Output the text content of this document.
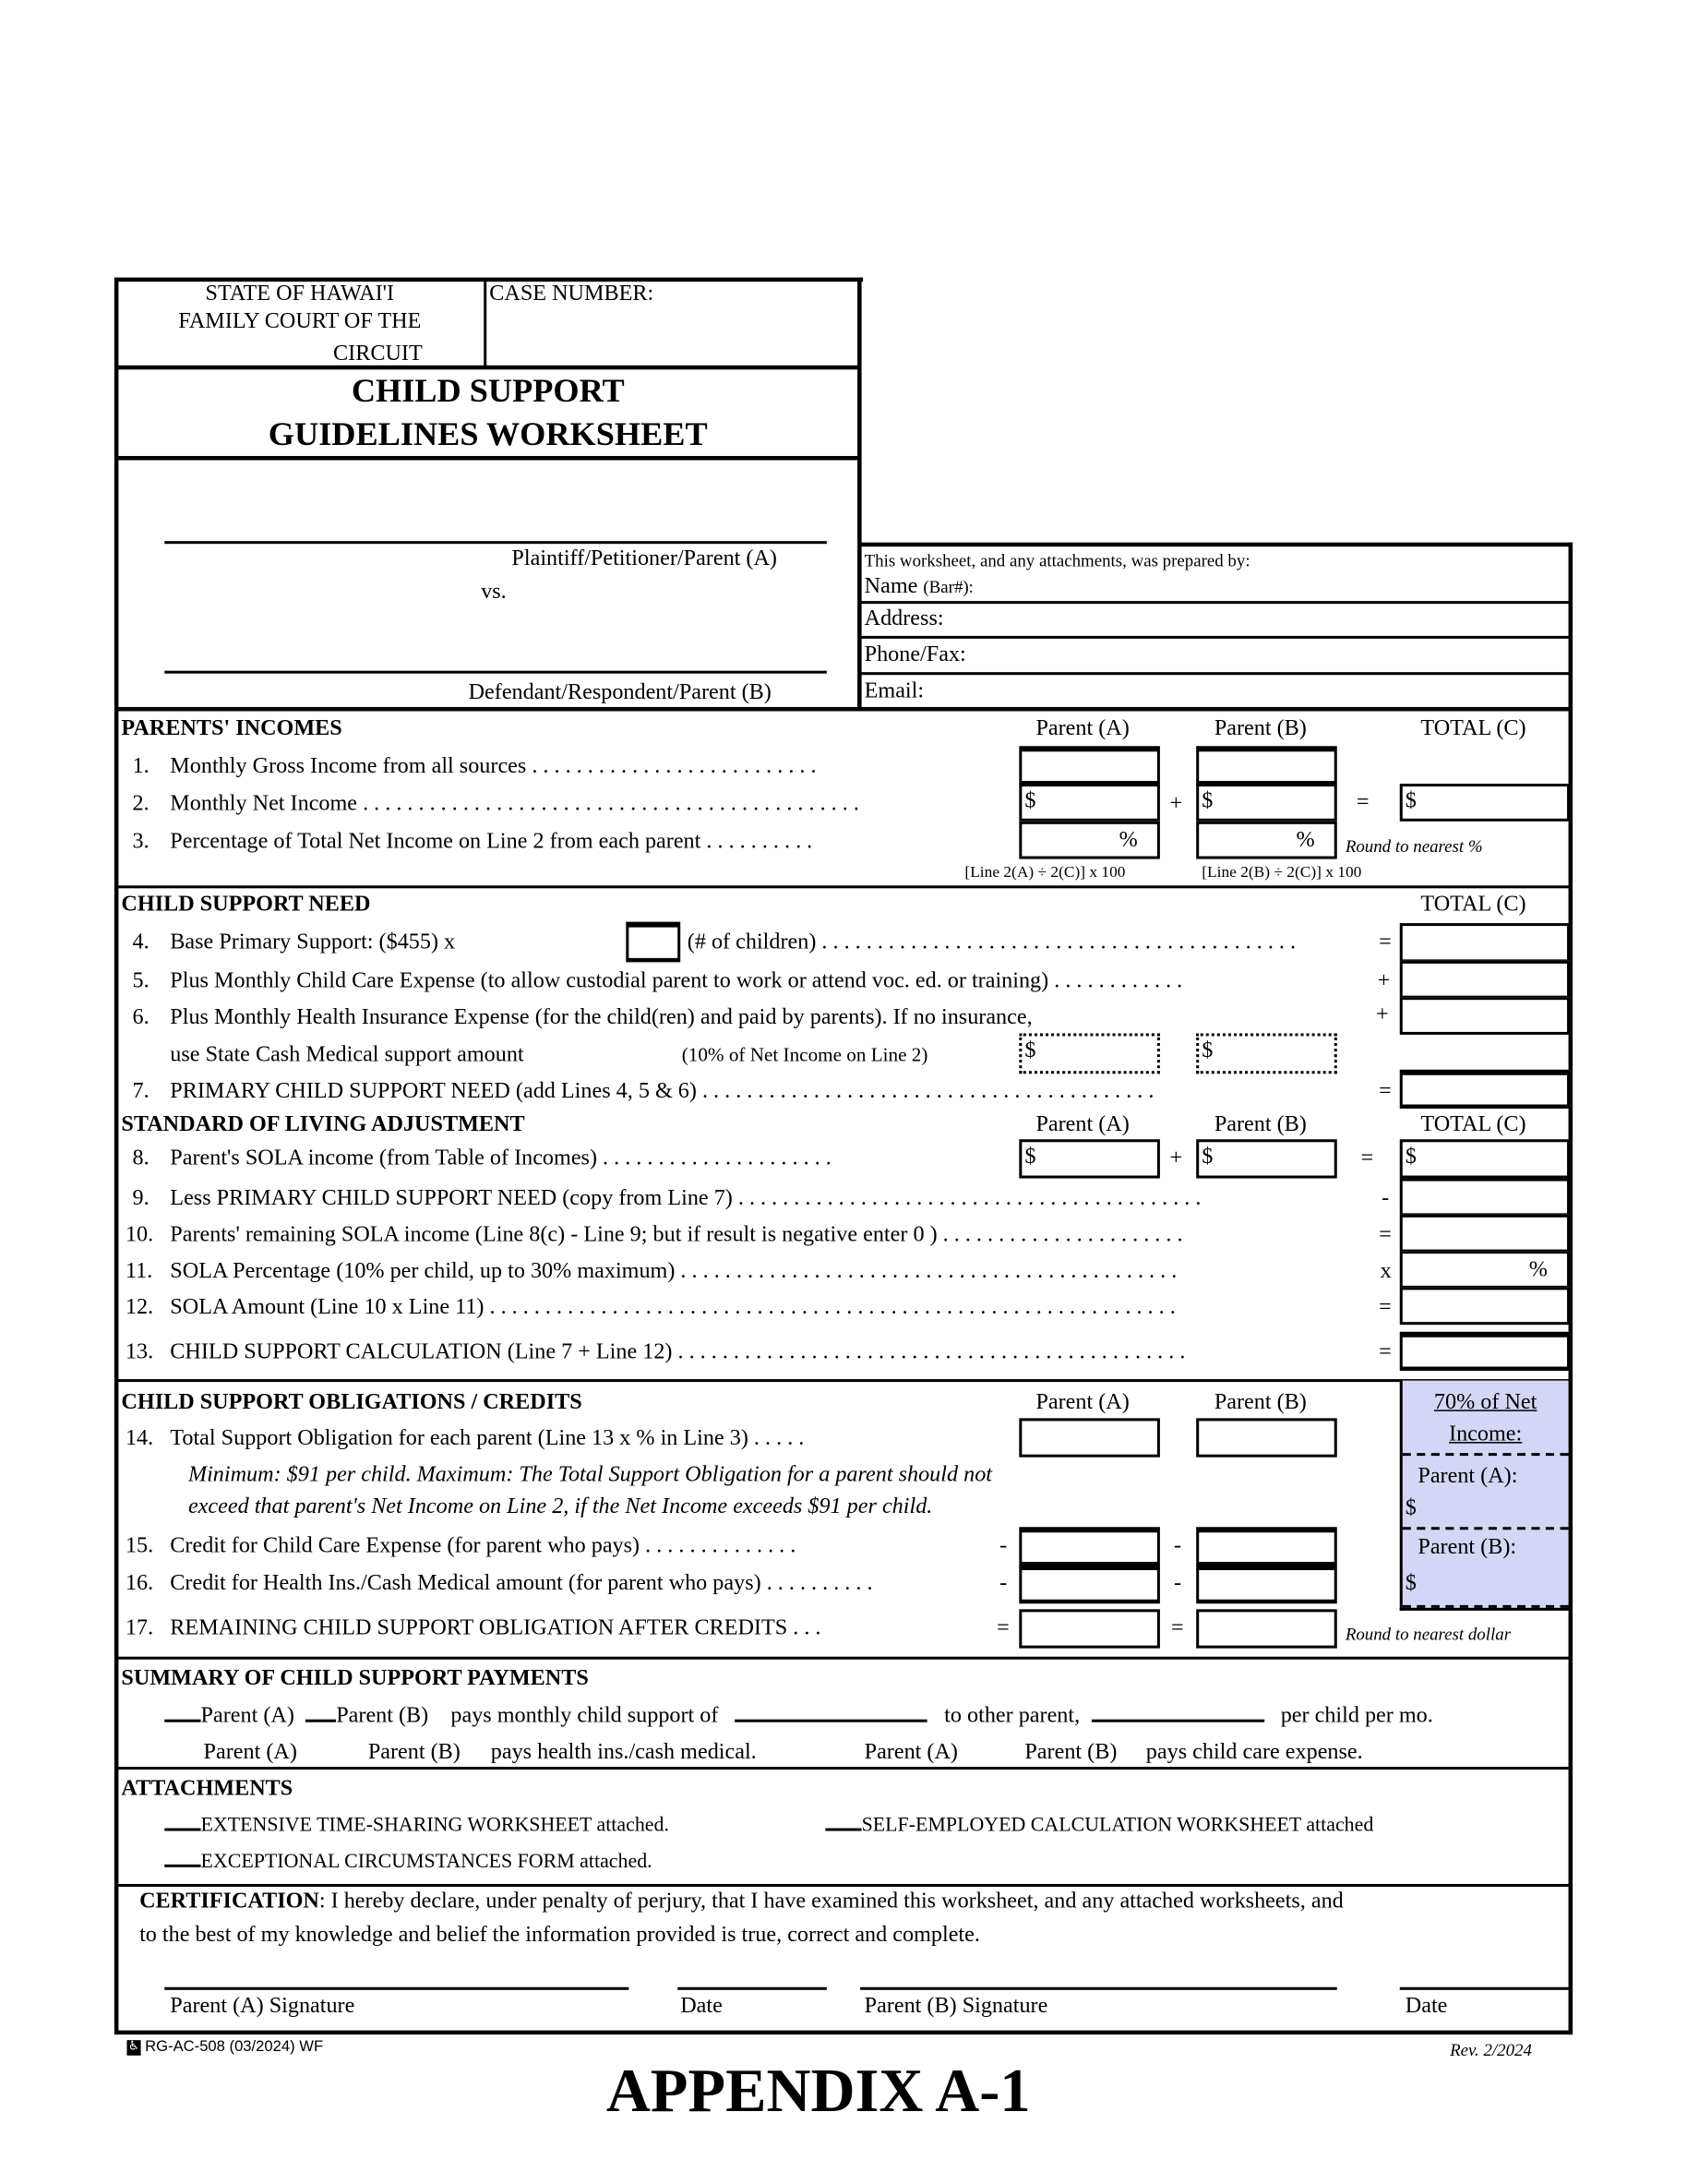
STATE OF HAWAI'I
FAMILY COURT OF THE
CIRCUIT
CASE NUMBER:
CHILD SUPPORT
GUIDELINES WORKSHEET
Plaintiff/Petitioner/Parent (A)
vs.
Defendant/Respondent/Parent (B)
This worksheet, and any attachments, was prepared by:
Name (Bar#):
Address:
Phone/Fax:
Email:
PARENTS' INCOMES	Parent (A)	Parent (B)	TOTAL (C)
1. Monthly Gross Income from all sources . . . . . . . . . . . . . . . . . . . . . . . . . .
2. Monthly Net Income . . . . . . . . . . . . . . . . . . . . . . . . . . . . . . . . . . . . . . . . . . . . .	$	+ $	= $
3. Percentage of Total Net Income on Line 2 from each parent . . . . . . . . . .	%	%	Round to nearest %
[Line 2(A) ÷ 2(C)] x 100	[Line 2(B) ÷ 2(C)] x 100
CHILD SUPPORT NEED	TOTAL (C)
4. Base Primary Support: ($455) x	(# of children) . . . . . . . . . . . . . . . . . . . . . . . . . . . . . . . . . . . . . . . . . . .	=
5. Plus Monthly Child Care Expense (to allow custodial parent to work or attend voc. ed. or training) . . . . . . . . . . . .	+
6. Plus Monthly Health Insurance Expense (for the child(ren) and paid by parents). If no insurance,	+
use State Cash Medical support amount	(10% of Net Income on Line 2)	$	$
7. PRIMARY CHILD SUPPORT NEED (add Lines 4, 5 & 6) . . . . . . . . . . . . . . . . . . . . . . . . . . . . . . . . . . . . . . . . .	=
STANDARD OF LIVING ADJUSTMENT	Parent (A)	Parent (B)	TOTAL (C)
8. Parent's SOLA income (from Table of Incomes) . . . . . . . . . . . . . . . . . . . . .	$	+ $	= $
9. Less PRIMARY CHILD SUPPORT NEED (copy from Line 7) . . . . . . . . . . . . . . . . . . . . . . . . . . . . . . . . . . . . . . . . . .	-
10. Parents' remaining SOLA income (Line 8(c) - Line 9; but if result is negative enter 0 ) . . . . . . . . . . . . . . . . . . . . . .	=
11. SOLA Percentage (10% per child, up to 30% maximum) . . . . . . . . . . . . . . . . . . . . . . . . . . . . . . . . . . . . . . . . . . . . .	x	%
12. SOLA Amount (Line 10 x Line 11) . . . . . . . . . . . . . . . . . . . . . . . . . . . . . . . . . . . . . . . . . . . . . . . . . . . . . . . . . . . . . .	=
13. CHILD SUPPORT CALCULATION (Line 7 + Line 12) . . . . . . . . . . . . . . . . . . . . . . . . . . . . . . . . . . . . . . . . . . . . . .	=
70% of Net
Income:
Parent (A):
$
Parent (B):
$
CHILD SUPPORT OBLIGATIONS / CREDITS	Parent (A)	Parent (B)
14. Total Support Obligation for each parent (Line 13 x % in Line 3) . . . . .
Minimum: $91 per child. Maximum: The Total Support Obligation for a parent should not
exceed that parent's Net Income on Line 2, if the Net Income exceeds $91 per child.
15. Credit for Child Care Expense (for parent who pays) . . . . . . . . . . . . . .	-	-
16. Credit for Health Ins./Cash Medical amount (for parent who pays) . . . . . . . . . .	-	-
17. REMAINING CHILD SUPPORT OBLIGATION AFTER CREDITS . . .	=	=	Round to nearest dollar
SUMMARY OF CHILD SUPPORT PAYMENTS
Parent (A)	Parent (B) pays monthly child support of	to other parent,	per child per mo.
Parent (A)	Parent (B) pays health ins./cash medical.	Parent (A)	Parent (B) pays child care expense.
ATTACHMENTS
EXTENSIVE TIME-SHARING WORKSHEET attached.	SELF-EMPLOYED CALCULATION WORKSHEET attached
EXCEPTIONAL CIRCUMSTANCES FORM attached.
CERTIFICATION: I hereby declare, under penalty of perjury, that I have examined this worksheet, and any attached worksheets, and
to the best of my knowledge and belief the information provided is true, correct and complete.
Parent (A) Signature	Date	Parent (B) Signature	Date
♿ RG-AC-508 (03/2024) WF	Rev. 2/2024
APPENDIX A-1
